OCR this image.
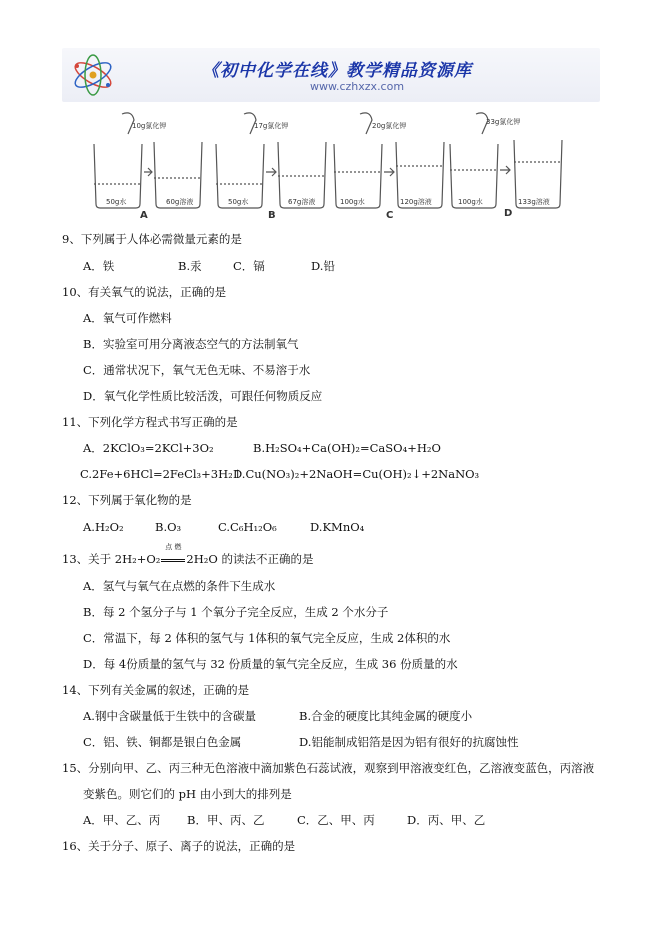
《初中化学在线》教学精品资源库
www.czhxzx.com
10g氯化钾	17g氯化钾	20g氯化钾	33g氯化钾
50g水	60g溶液	50g水	67g溶液	100g水	120g溶液	100g水	133g溶液
A	B	C	D
9、下列属于人体必需微量元素的是
A．铁	B.汞	C．镉	D.铅
10、有关氧气的说法，正确的是
A．氧气可作燃料
B．实验室可用分离液态空气的方法制氧气
C．通常状况下，氧气无色无味、不易溶于水
D．氧气化学性质比较活泼，可跟任何物质反应
11、下列化学方程式书写正确的是
A．2KClO₃=2KCl+3O₂	B.H₂SO₄+Ca(OH)₂=CaSO₄+H₂O
C.2Fe+6HCl=2FeCl₃+3H₂↑
D.Cu(NO₃)₂+2NaOH=Cu(OH)₂↓+2NaNO₃
12、下列属于氧化物的是
A.H₂O₂	B.O₃	C.C₆H₁₂O₆	D.KMnO₄
13、关于 2H₂+O₂
点 燃
2H₂O 的读法不正确的是
A．氢气与氧气在点燃的条件下生成水
B．每 2 个氢分子与 1 个氧分子完全反应，生成 2 个水分子
C．常温下，每 2 体积的氢气与 1体积的氧气完全反应，生成 2体积的水
D．每 4份质量的氢气与 32 份质量的氧气完全反应，生成 36 份质量的水
14、下列有关金属的叙述，正确的是
A.钢中含碳量低于生铁中的含碳量	B.合金的硬度比其纯金属的硬度小
C．铝、铁、铜都是银白色金属	D.铝能制成铝箔是因为铝有很好的抗腐蚀性
15、分别向甲、乙、丙三种无色溶液中滴加紫色石蕊试液，观察到甲溶液变红色，乙溶液变蓝色，丙溶液
变紫色。则它们的 pH 由小到大的排列是
A．甲、乙、丙 B．甲、丙、乙	C．乙、甲、丙	D．丙、甲、乙
16、关于分子、原子、离子的说法，正确的是
